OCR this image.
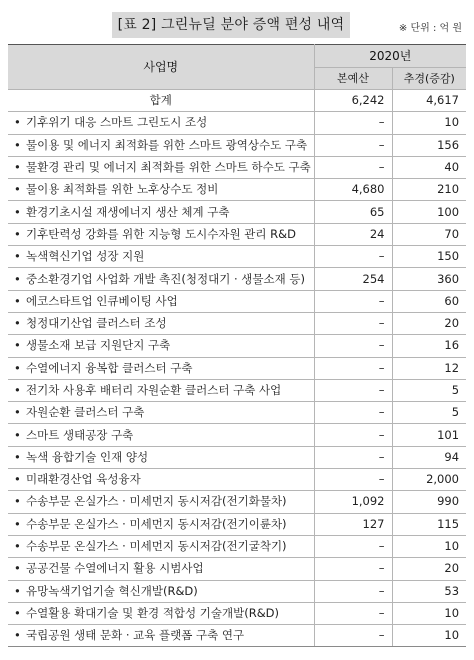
[표 2] 그린뉴딜 분야 증액 편성 내역	※ 단위 : 억 원
사업명	2020년	
	본예산	추경(증감)
합계	6,242	4,617
• 기후위기 대응 스마트 그린도시 조성	–	10
• 물이용 및 에너지 최적화를 위한 스마트 광역상수도 구축	–	156
• 물환경 관리 및 에너지 최적화를 위한 스마트 하수도 구축	–	40
• 물이용 최적화를 위한 노후상수도 정비	4,680	210
• 환경기초시설 재생에너지 생산 체계 구축	65	100
• 기후탄력성 강화를 위한 지능형 도시수자원 관리 R&D	24	70
• 녹색혁신기업 성장 지원	–	150
• 중소환경기업 사업화 개발 촉진(청정대기 · 생물소재 등)	254	360
• 에코스타트업 인큐베이팅 사업	–	60
• 청정대기산업 클러스터 조성	–	20
• 생물소재 보급 지원단지 구축	–	16
• 수열에너지 융복합 클러스터 구축	–	12
• 전기차 사용후 배터리 자원순환 클러스터 구축 사업	–	5
• 자원순환 클러스터 구축	–	5
• 스마트 생태공장 구축	–	101
• 녹색 융합기술 인재 양성	–	94
• 미래환경산업 육성융자	–	2,000
• 수송부문 온실가스 · 미세먼지 동시저감(전기화물차)	1,092	990
• 수송부문 온실가스 · 미세먼지 동시저감(전기이륜차)	127	115
• 수송부문 온실가스 · 미세먼지 동시저감(전기굴착기)	–	10
• 공공건물 수열에너지 활용 시범사업	–	20
• 유망녹색기업기술 혁신개발(R&D)	–	53
• 수열활용 확대기술 및 환경 적합성 기술개발(R&D)	–	10
• 국립공원 생태 문화 · 교육 플랫폼 구축 연구	–	10
